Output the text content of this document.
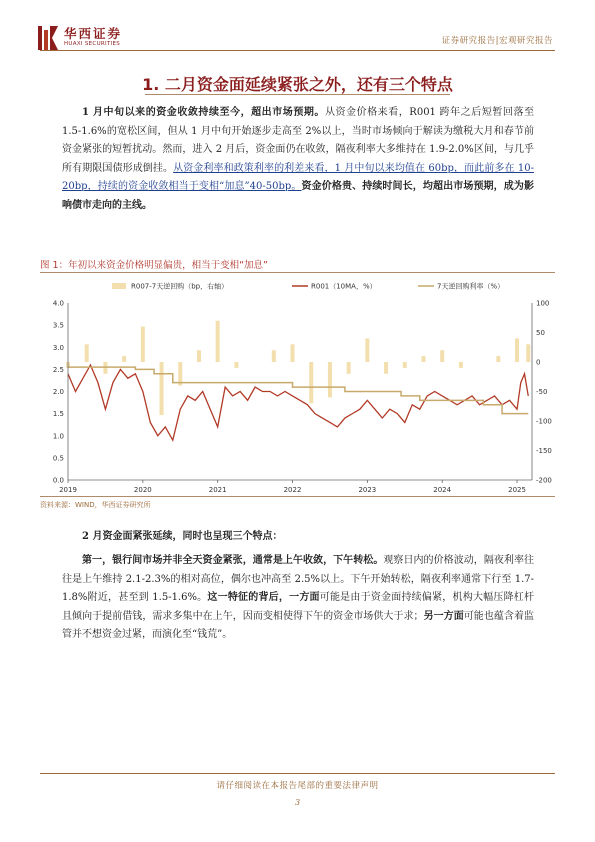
华西证券
HUAXI SECURITIES	证券研究报告|宏观研究报告
1. 二月资金面延续紧张之外，还有三个特点
1 月中旬以来的资金收敛持续至今，超出市场预期。从资金价格来看，R001 跨年之后短暂回落至 1.5-1.6%的宽松区间，但从 1 月中旬开始逐步走高至 2%以上，当时市场倾向于解读为缴税大月和春节前资金紧张的短暂扰动。然而，进入 2 月后，资金面仍在收敛，隔夜利率大多维持在 1.9-2.0%区间，与几乎所有期限国债形成倒挂。从资金利率和政策利率的利差来看，1 月中旬以来均值在 60bp，而此前多在 10-20bp，持续的资金收敛相当于变相“加息”40-50bp。资金价格贵、持续时间长，均超出市场预期，成为影响债市走向的主线。
图 1：年初以来资金价格明显偏贵，相当于变相“加息”
R007-7天逆回购（bp，右轴）	R001（10MA，%）	7天逆回购利率（%）
0.0
0.5
1.0
1.5
2.0
2.5
3.0
3.5
4.0	100
50
0
-50
-100
-150
-200
2019	2020	2021	2022	2023	2024	2025
资料来源：WIND，华西证券研究所
2 月资金面紧张延续，同时也呈现三个特点：
第一，银行间市场并非全天资金紧张，通常是上午收敛，下午转松。观察日内的价格波动，隔夜利率往往是上午维持 2.1-2.3%的相对高位，偶尔也冲高至 2.5%以上。下午开始转松，隔夜利率通常下行至 1.7-1.8%附近，甚至到 1.5-1.6%。这一特征的背后，一方面可能是由于资金面持续偏紧，机构大幅压降杠杆且倾向于提前借钱，需求多集中在上午，因而变相使得下午的资金市场供大于求；另一方面可能也蕴含着监管并不想资金过紧，而演化至“钱荒”。
请仔细阅读在本报告尾部的重要法律声明
3
